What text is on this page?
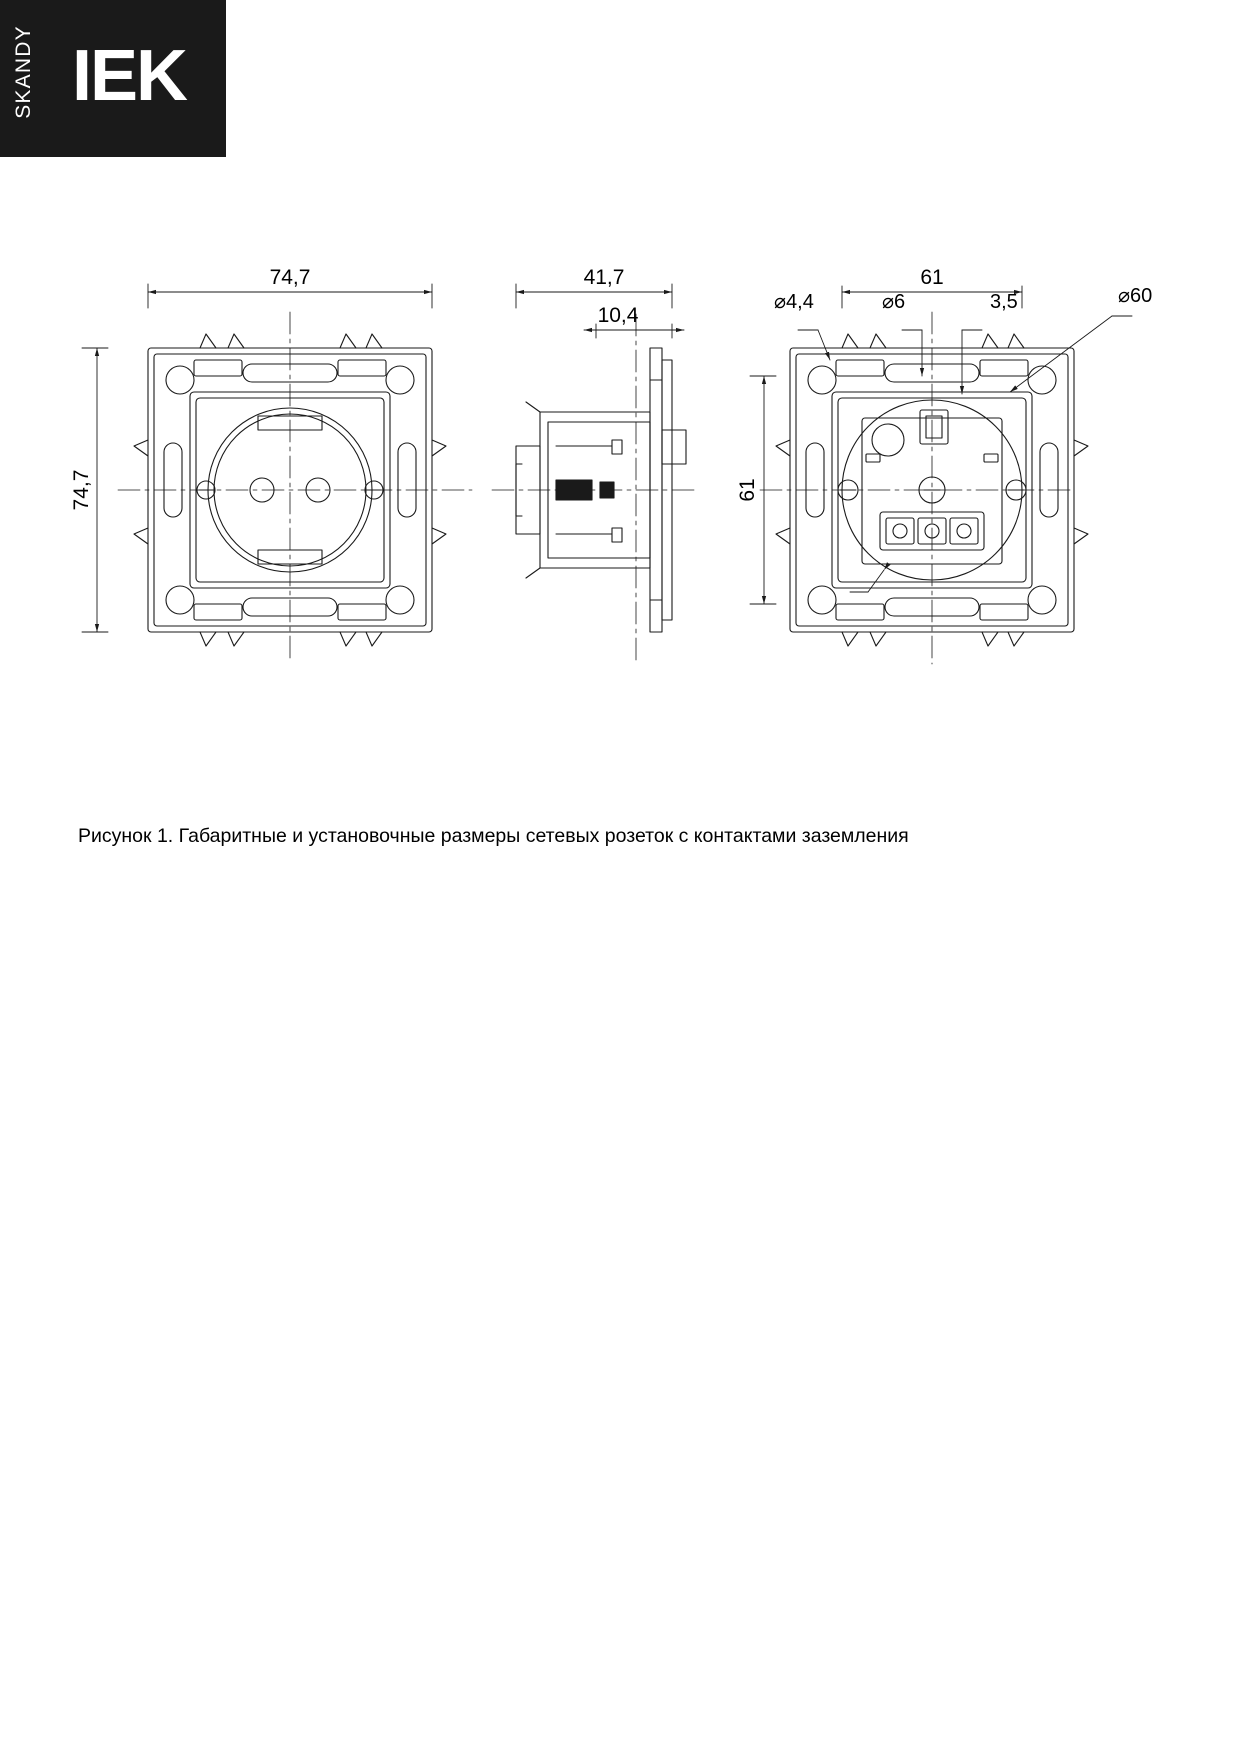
SKANDY IEK
74,7
74,7
41,7
10,4
61
61
⌀4,4	⌀6	3,5	⌀60
Рисунок 1. Габаритные и установочные размеры сетевых розеток с контактами заземления
